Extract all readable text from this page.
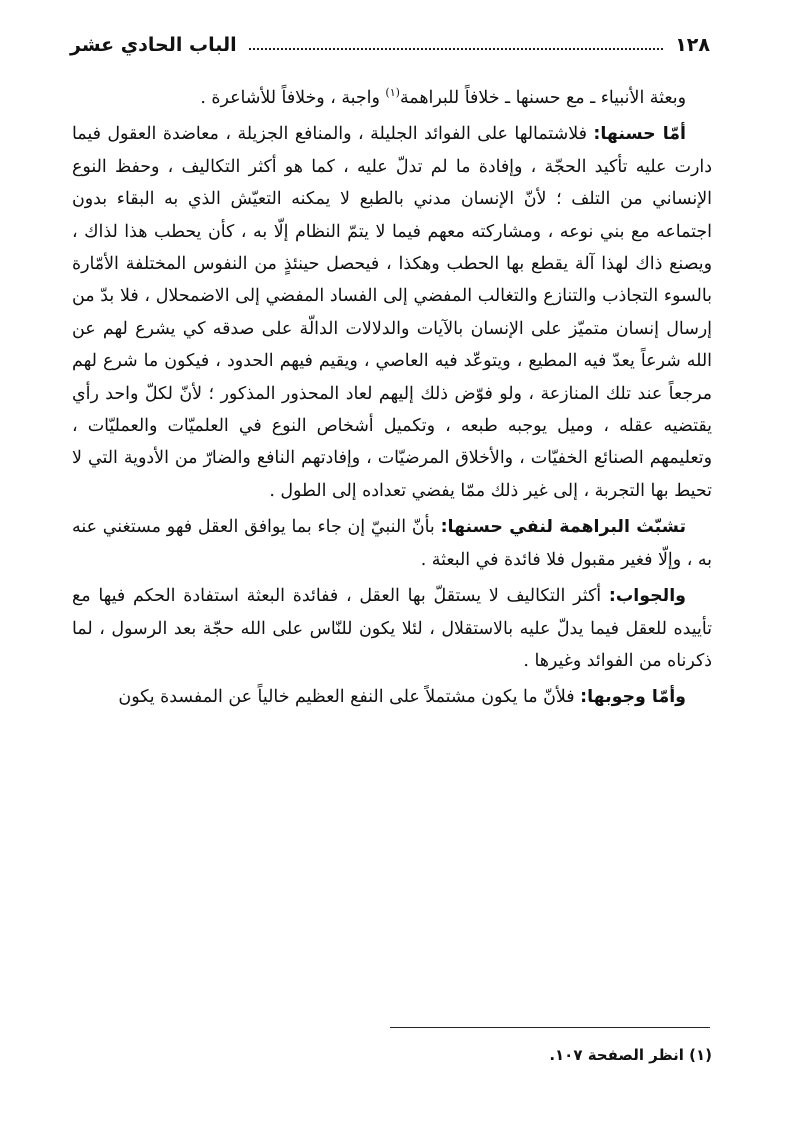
١٢٨
الباب الحادي عشر

وبعثة الأنبياء ـ مع حسنها ـ خلافاً للبراهمة$^{(١)}$ واجبة ، وخلافاً للأشاعرة .

أمّا حسنها: فلاشتمالها على الفوائد الجليلة ، والمنافع الجزيلة ، معاضدة العقول فيما دارت عليه تأكيد الحجّة ، وإفادة ما لم تدلّ عليه ، كما هو أكثر التكاليف ، وحفظ النوع الإنساني من التلف ؛ لأنّ الإنسان مدني بالطبع لا يمكنه التعيّش الذي به البقاء بدون اجتماعه مع بني نوعه ، ومشاركته معهم فيما لا يتمّ النظام إلّا به ، كأن يحطب هذا لذاك ، ويصنع ذاك لهذا آلة يقطع بها الحطب وهكذا ، فيحصل حينئذٍ من النفوس المختلفة الأمّارة بالسوء التجاذب والتنازع والتغالب المفضي إلى الفساد المفضي إلى الاضمحلال ، فلا بدّ من إرسال إنسان متميّز على الإنسان بالآيات والدلالات الدالّة على صدقه كي يشرع لهم عن الله شرعاً يعدّ فيه المطيع ، ويتوعّد فيه العاصي ، ويقيم فيهم الحدود ، فيكون ما شرع لهم مرجعاً عند تلك المنازعة ، ولو فوّض ذلك إليهم لعاد المحذور المذكور ؛ لأنّ لكلّ واحد رأي يقتضيه عقله ، وميل يوجبه طبعه ، وتكميل أشخاص النوع في العلميّات والعمليّات ، وتعليمهم الصنائع الخفيّات ، والأخلاق المرضيّات ، وإفادتهم النافع والضارّ من الأدوية التي لا تحيط بها التجربة ، إلى غير ذلك ممّا يفضي تعداده إلى الطول .

تشبّث البراهمة لنفي حسنها: بأنّ النبيّ إن جاء بما يوافق العقل فهو مستغني عنه به ، وإلّا فغير مقبول فلا فائدة في البعثة .

والجواب: أكثر التكاليف لا يستقلّ بها العقل ، ففائدة البعثة استفادة الحكم فيها مع تأييده للعقل فيما يدلّ عليه بالاستقلال ، لئلا يكون للنّاس على الله حجّة بعد الرسول ، لما ذكرناه من الفوائد وغيرها .

وأمّا وجوبها: فلأنّ ما يكون مشتملاً على النفع العظيم خالياً عن المفسدة يكون

(١) انظر الصفحة ١٠٧.
